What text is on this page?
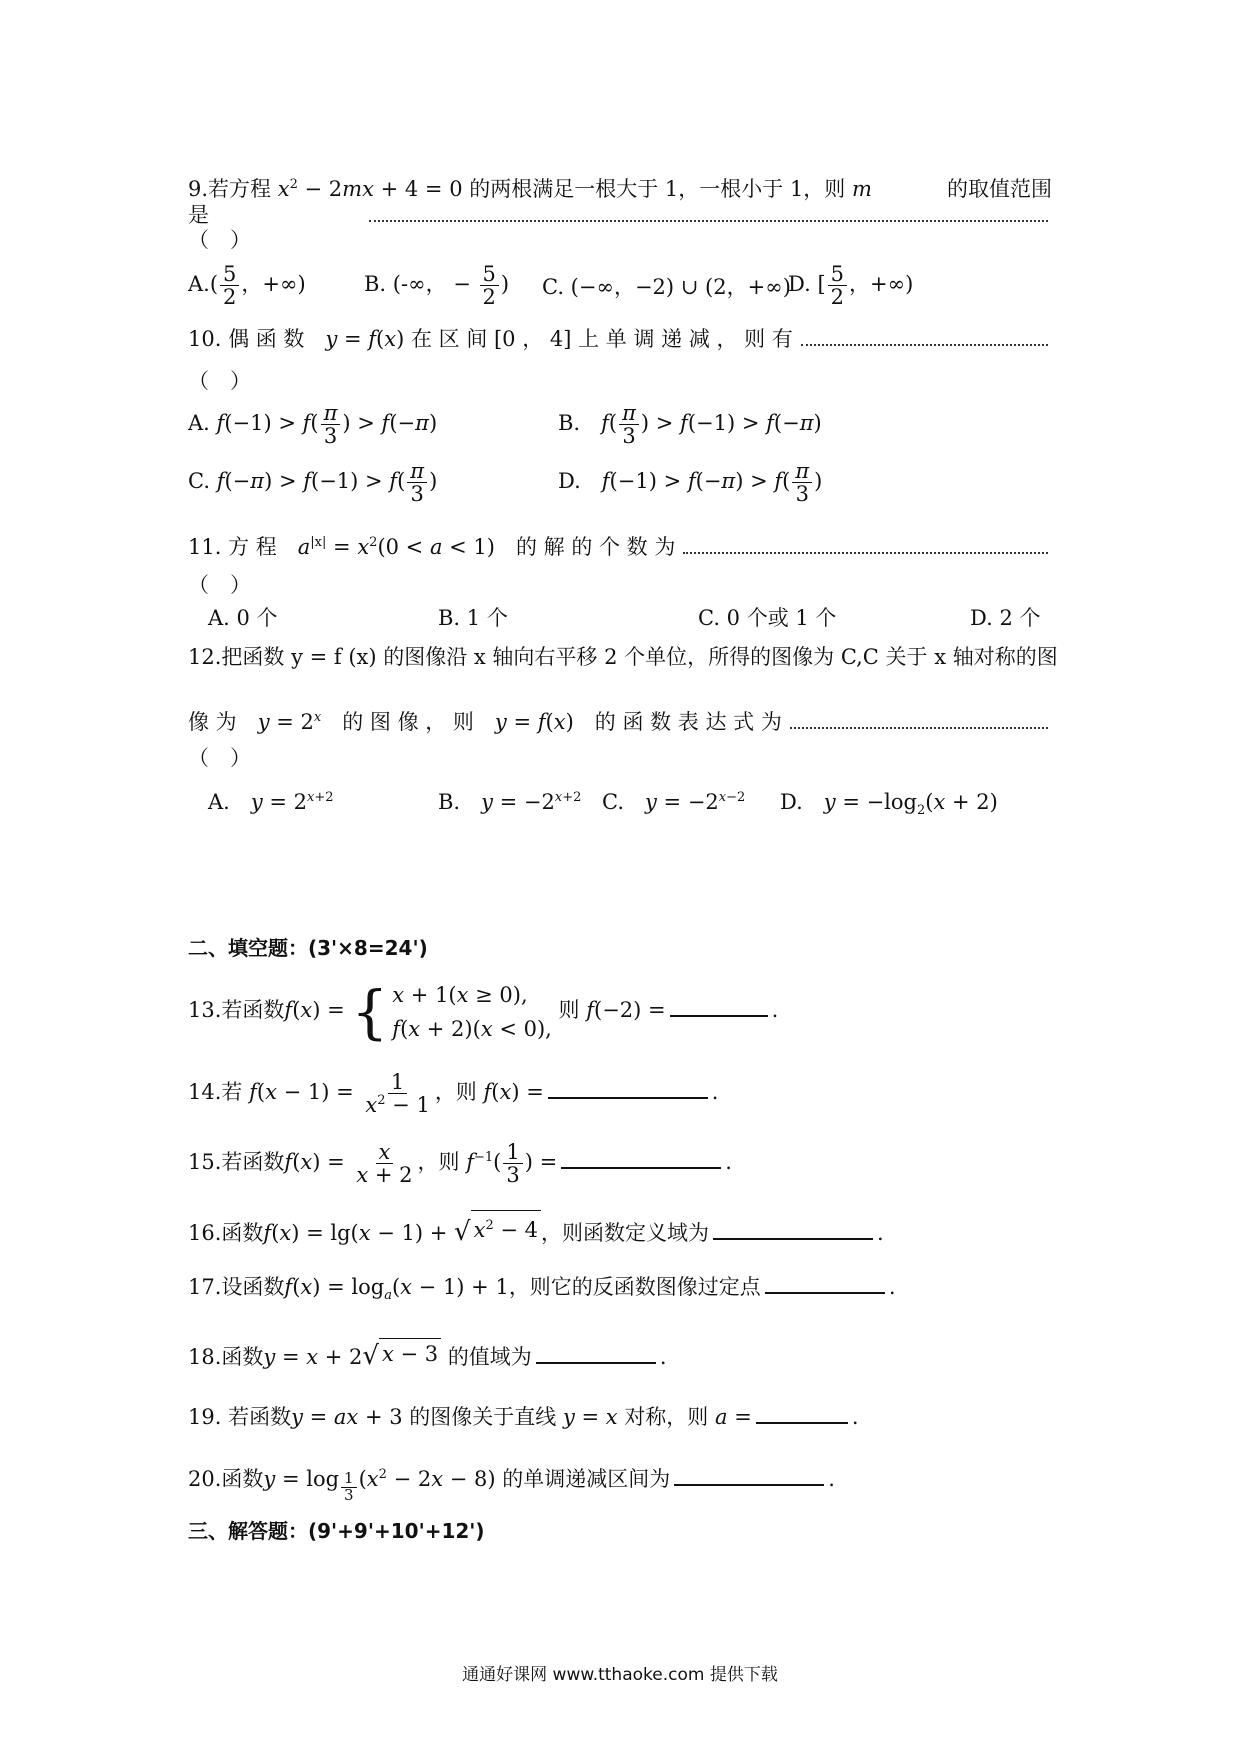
9.若方程 $x^2 - 2mx + 4 = 0$ 的两根满足一根大于 1，一根小于 1，则 m	的取值范围
是
（　）
$A.( \frac{5}{2}$ ，+∞)	B. (-∞， − $\frac{5}{2}$ ) C. (−∞，−2) ∪ (2，+∞)
D. [ $\frac{5}{2}$ ，+∞)
10. 偶 函 数　 y = f(x) 在 区 间 [0 ， 4] 上 单 调 递 减 ， 则 有
（　）
A. $f(-1) > f( \frac{\pi}{3}$ ) > f(−π)	B.　 $f( \frac{\pi}{3}$ ) > f(−1) > f(−π)
C. $f(-\pi) > f(-1) > f( \frac{\pi}{3}$ )	D.　 $f(-1) > f(-\pi) > f( \frac{\pi}{3}$ )
11. 方 程　 $a^{|x|} = x^2(0 < a < 1)$　的 解 的 个 数 为
（　）
A. 0 个	B. 1 个	C. 0 个或 1 个	D. 2 个
12.把函数 y = f (x) 的图像沿 x 轴向右平移 2 个单位，所得的图像为 C,C 关于 x 轴对称的图
像 为　 $y = 2^x$　 的 图 像 ， 则　 y = f(x)　的 函 数 表 达 式 为
（　）
A.　 $y = 2^{x+2}$	B.　 $y = -2^{x+2}$ C.　 $y = -2^{x-2}$ D.　 $y = -\log_2(x + 2)$
二、填空题：(3'×8=24')
13.若函数f(x) = { x + 1(x ≥ 0),
f(x + 2)(x < 0),
则 f(−2) =	.
14.若 $f(x - 1) = \frac{1}{x^2 - 1}$ ，则 f(x) =	.
15.若函数$f(x) = \frac{x}{x + 2}$ ，则 $f^{-1}( \frac{1}{3}$ ) =	.
16.函数f(x) = lg(x − 1) + √ $x^2 - 4$ ，则函数定义域为	.
17.设函数$f(x) = \log_a(x - 1) + 1$，则它的反函数图像过定点	.
18.函数y = x + 2 √ x − 3 的值域为	.
19. 若函数y = ax + 3 的图像关于直线 y = x 对称，则 a =	.
20.函数y = log $_{\frac{1}{3}}$ $(x^2 - 2x - 8)$ 的单调递减区间为	.
三、解答题：(9'+9'+10'+12')
通通好课网 www.tthaoke.com 提供下载
